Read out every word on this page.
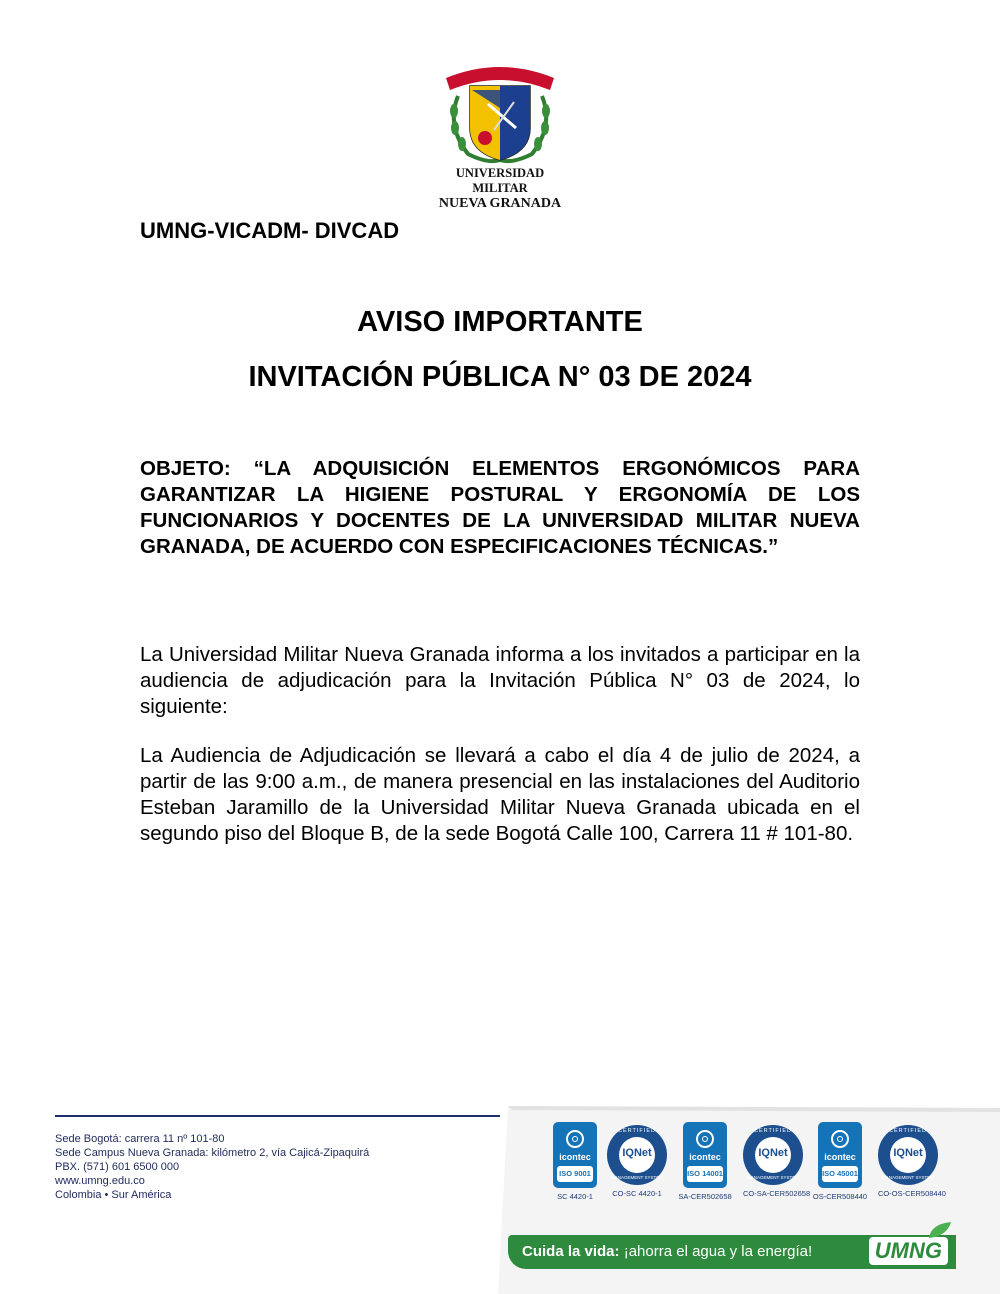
UNIVERSIDAD MILITAR
NUEVA GRANADA
UMNG-VICADM- DIVCAD
AVISO IMPORTANTE
INVITACIÓN PÚBLICA N° 03 DE 2024
OBJETO: “LA ADQUISICIÓN ELEMENTOS ERGONÓMICOS PARA GARANTIZAR LA HIGIENE POSTURAL Y ERGONOMÍA DE LOS FUNCIONARIOS Y DOCENTES DE LA UNIVERSIDAD MILITAR NUEVA GRANADA, DE ACUERDO CON ESPECIFICACIONES TÉCNICAS.”
La Universidad Militar Nueva Granada informa a los invitados a participar en la audiencia de adjudicación para la Invitación Pública N° 03 de 2024, lo siguiente:
La Audiencia de Adjudicación se llevará a cabo el día 4 de julio de 2024, a partir de las 9:00 a.m., de manera presencial en las instalaciones del Auditorio Esteban Jaramillo de la Universidad Militar Nueva Granada ubicada en el segundo piso del Bloque B, de la sede Bogotá Calle 100, Carrera 11 # 101-80.
Sede Bogotá: carrera 11 nº 101-80
Sede Campus Nueva Granada: kilómetro 2, vía Cajicá-Zipaquirá
PBX. (571) 601 6500 000
www.umng.edu.co
Colombia • Sur América
icontec
ISO 9001
SC 4420-1
CERTIFIED
IQNet
MANAGEMENT SYSTEM
CO-SC 4420-1
icontec
ISO 14001
SA-CER502658
CERTIFIED
IQNet
MANAGEMENT SYSTEM
CO-SA-CER502658
icontec
ISO 45001
OS-CER508440
CERTIFIED
IQNet
MANAGEMENT SYSTEM
CO-OS-CER508440
Cuida la vida: ¡ahorra el agua y la energía!	UMNG
